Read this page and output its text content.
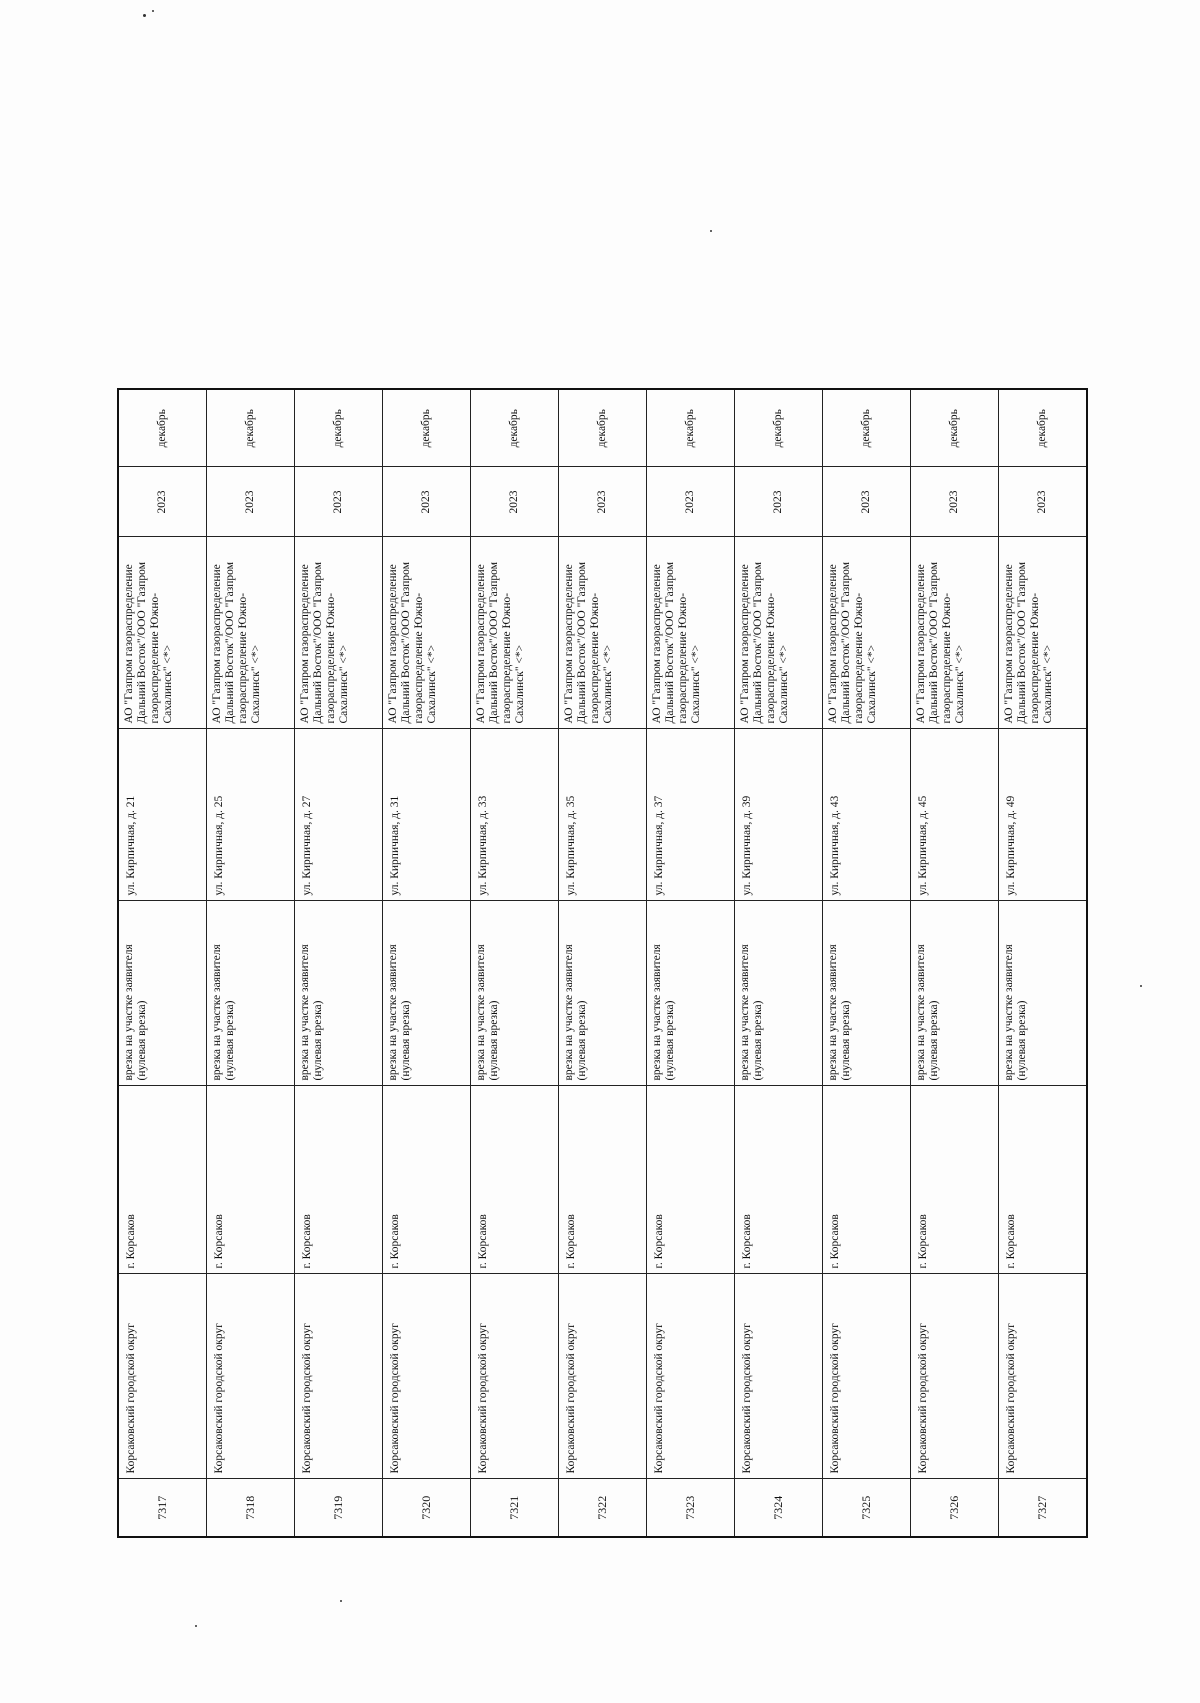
7317	Корсаковский городской округ	г. Корсаков	врезка на участке заявителя (нулевая врезка)	ул. Кирпичная, д. 21	АО "Газпром газораспределение Дальний Восток"/ООО "Газпром газораспределение Южно-Сахалинск" <*>	2023	декабрь
7318	Корсаковский городской округ	г. Корсаков	врезка на участке заявителя (нулевая врезка)	ул. Кирпичная, д. 25	АО "Газпром газораспределение Дальний Восток"/ООО "Газпром газораспределение Южно-Сахалинск" <*>	2023	декабрь
7319	Корсаковский городской округ	г. Корсаков	врезка на участке заявителя (нулевая врезка)	ул. Кирпичная, д. 27	АО "Газпром газораспределение Дальний Восток"/ООО "Газпром газораспределение Южно-Сахалинск" <*>	2023	декабрь
7320	Корсаковский городской округ	г. Корсаков	врезка на участке заявителя (нулевая врезка)	ул. Кирпичная, д. 31	АО "Газпром газораспределение Дальний Восток"/ООО "Газпром газораспределение Южно-Сахалинск" <*>	2023	декабрь
7321	Корсаковский городской округ	г. Корсаков	врезка на участке заявителя (нулевая врезка)	ул. Кирпичная, д. 33	АО "Газпром газораспределение Дальний Восток"/ООО "Газпром газораспределение Южно-Сахалинск" <*>	2023	декабрь
7322	Корсаковский городской округ	г. Корсаков	врезка на участке заявителя (нулевая врезка)	ул. Кирпичная, д. 35	АО "Газпром газораспределение Дальний Восток"/ООО "Газпром газораспределение Южно-Сахалинск" <*>	2023	декабрь
7323	Корсаковский городской округ	г. Корсаков	врезка на участке заявителя (нулевая врезка)	ул. Кирпичная, д. 37	АО "Газпром газораспределение Дальний Восток"/ООО "Газпром газораспределение Южно-Сахалинск" <*>	2023	декабрь
7324	Корсаковский городской округ	г. Корсаков	врезка на участке заявителя (нулевая врезка)	ул. Кирпичная, д. 39	АО "Газпром газораспределение Дальний Восток"/ООО "Газпром газораспределение Южно-Сахалинск" <*>	2023	декабрь
7325	Корсаковский городской округ	г. Корсаков	врезка на участке заявителя (нулевая врезка)	ул. Кирпичная, д. 43	АО "Газпром газораспределение Дальний Восток"/ООО "Газпром газораспределение Южно-Сахалинск" <*>	2023	декабрь
7326	Корсаковский городской округ	г. Корсаков	врезка на участке заявителя (нулевая врезка)	ул. Кирпичная, д. 45	АО "Газпром газораспределение Дальний Восток"/ООО "Газпром газораспределение Южно-Сахалинск" <*>	2023	декабрь
7327	Корсаковский городской округ	г. Корсаков	врезка на участке заявителя (нулевая врезка)	ул. Кирпичная, д. 49	АО "Газпром газораспределение Дальний Восток"/ООО "Газпром газораспределение Южно-Сахалинск" <*>	2023	декабрь
